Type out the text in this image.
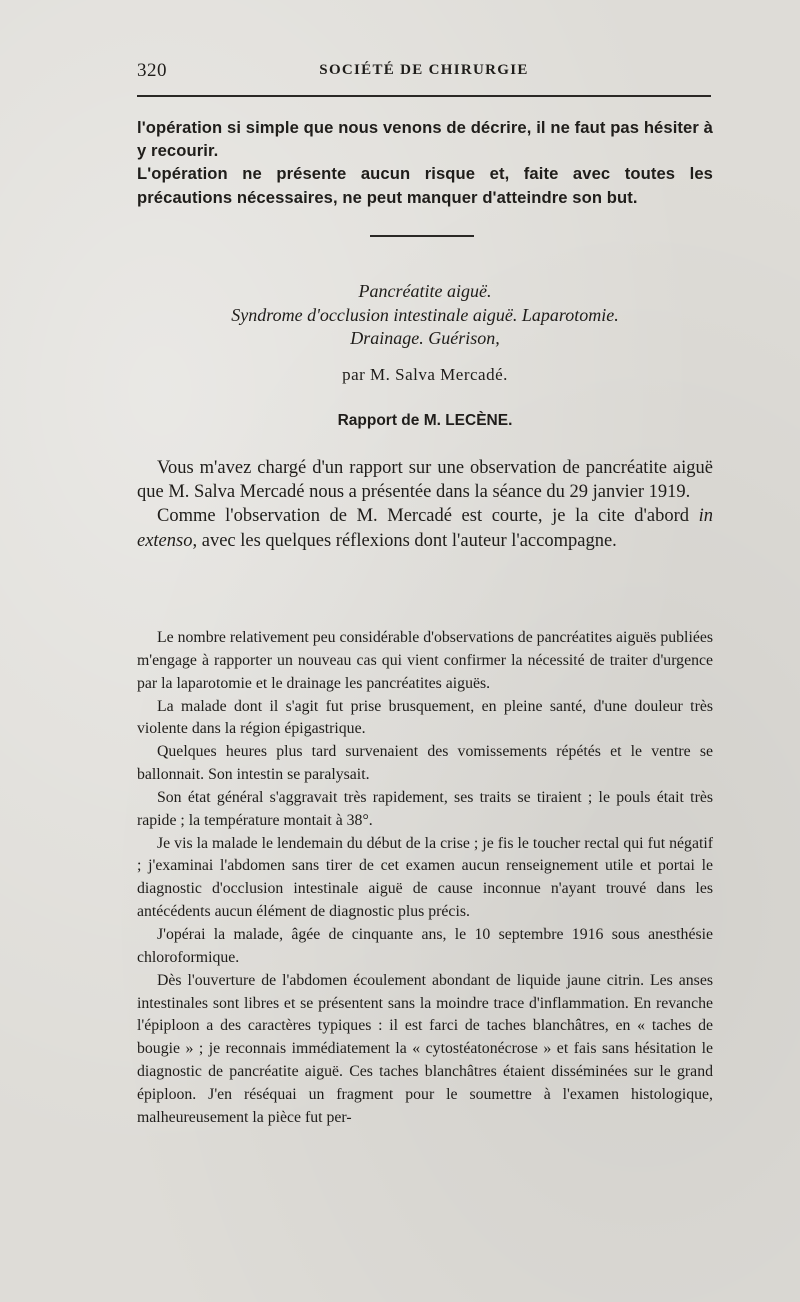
320	SOCIÉTÉ DE CHIRURGIE

l'opération si simple que nous venons de décrire, il ne faut pas hésiter à y recourir.

L'opération ne présente aucun risque et, faite avec toutes les précautions nécessaires, ne peut manquer d'atteindre son but.

Pancréatite aiguë.

Syndrome d'occlusion intestinale aiguë. Laparotomie.

Drainage. Guérison,

par M. Salva Mercadé.

Rapport de M. LECÈNE.

Vous m'avez chargé d'un rapport sur une observation de pancréatite aiguë que M. Salva Mercadé nous a présentée dans la séance du 29 janvier 1919.

Comme l'observation de M. Mercadé est courte, je la cite d'abord in extenso, avec les quelques réflexions dont l'auteur l'accompagne.

Le nombre relativement peu considérable d'observations de pancréatites aiguës publiées m'engage à rapporter un nouveau cas qui vient confirmer la nécessité de traiter d'urgence par la laparotomie et le drainage les pancréatites aiguës.

La malade dont il s'agit fut prise brusquement, en pleine santé, d'une douleur très violente dans la région épigastrique.

Quelques heures plus tard survenaient des vomissements répétés et le ventre se ballonnait. Son intestin se paralysait.

Son état général s'aggravait très rapidement, ses traits se tiraient ; le pouls était très rapide ; la température montait à 38°.

Je vis la malade le lendemain du début de la crise ; je fis le toucher rectal qui fut négatif ; j'examinai l'abdomen sans tirer de cet examen aucun renseignement utile et portai le diagnostic d'occlusion intestinale aiguë de cause inconnue n'ayant trouvé dans les antécédents aucun élément de diagnostic plus précis.

J'opérai la malade, âgée de cinquante ans, le 10 septembre 1916 sous anesthésie chloroformique.

Dès l'ouverture de l'abdomen écoulement abondant de liquide jaune citrin. Les anses intestinales sont libres et se présentent sans la moindre trace d'inflammation. En revanche l'épiploon a des caractères typiques : il est farci de taches blanchâtres, en « taches de bougie » ; je reconnais immédiatement la « cytostéatonécrose » et fais sans hésitation le diagnostic de pancréatite aiguë. Ces taches blanchâtres étaient disséminées sur le grand épiploon. J'en réséquai un fragment pour le soumettre à l'examen histologique, malheureusement la pièce fut per-
